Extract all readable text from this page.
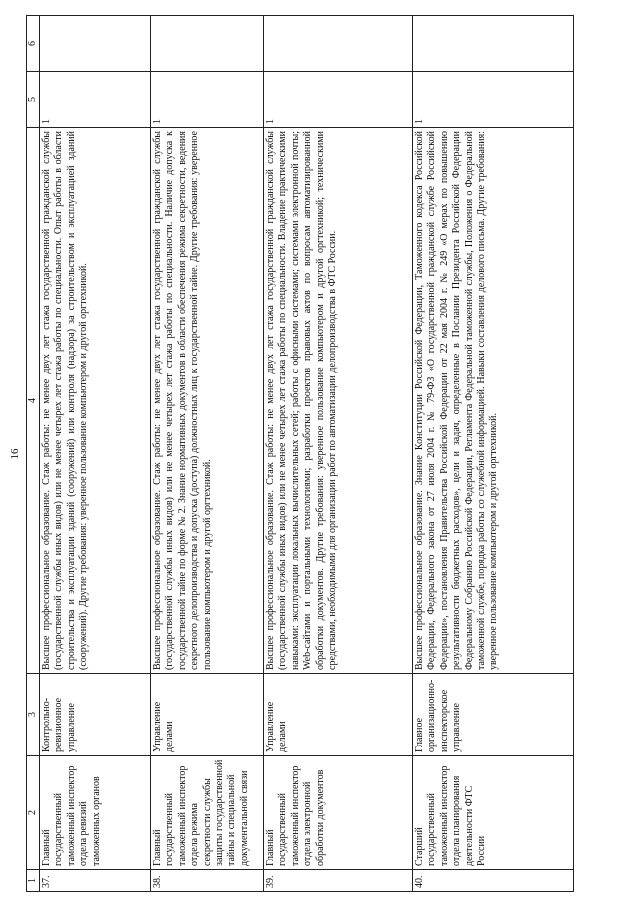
16
1	2	3	4	5	6
37.	Главный государственный таможенный инспектор отдела ревизий таможенных органов	Контрольно-ревизионное управление	Высшее профессиональное образование. Стаж работы: не менее двух лет стажа государственной гражданской службы (государственной службы иных видов) или не менее четырех лет стажа работы по специальности. Опыт работы в области строительства и эксплуатации зданий (сооружений) или контроля (надзора) за строительством и эксплуатацией зданий (сооружений). Другие требования: уверенное пользование компьютером и другой оргтехникой.	1	
38.	Главный государственный таможенный инспектор отдела режима секретности службы защиты государственной тайны и специальной документальной связи	Управление делами	Высшее профессиональное образование. Стаж работы: не менее двух лет стажа государственной гражданской службы (государственной службы иных видов) или не менее четырех лет стажа работы по специальности. Наличие допуска к государственной тайне по форме № 2. Знание нормативных документов в области обеспечения режима секретности, ведения секретного делопроизводства и допуска (доступа) должностных лиц к государственной тайне. Другие требования: уверенное пользование компьютером и другой оргтехникой.	1	
39.	Главный государственный таможенный инспектор отдела электронной обработки документов	Управление делами	Высшее профессиональное образование. Стаж работы: не менее двух лет стажа государственной гражданской службы (государственной службы иных видов) или не менее четырех лет стажа работы по специальности. Владение практическими навыками: эксплуатации локальных вычислительных сетей; работы с офисными системами; системами электронной почты; Web-сайтами и портальными технологиями; разработки проектов правовых актов по вопросам автоматизированной обработки документов. Другие требования: уверенное пользование компьютером и другой оргтехникой; техническими средствами, необходимыми для организации работ по автоматизации делопроизводства в ФТС России.	1	
40.	Старший государственный таможенный инспектор отдела планирования деятельности ФТС России	Главное организационно-инспекторское управление	Высшее профессиональное образование. Знание Конституции Российской Федерации, Таможенного кодекса Российской Федерации, Федерального закона от 27 июля 2004 г. № 79-ФЗ «О государственной гражданской службе Российской Федерации», постановления Правительства Российской Федерации от 22 мая 2004 г. № 249 «О мерах по повышению результативности бюджетных расходов», цели и задач, определенные в Послании Президента Российской Федерации Федеральному Собранию Российской Федерации, Регламента Федеральной таможенной службы, Положения о Федеральной таможенной службе, порядка работы со служебной информацией. Навыки составления делового письма. Другие требования: уверенное пользование компьютером и другой оргтехникой.	1	
